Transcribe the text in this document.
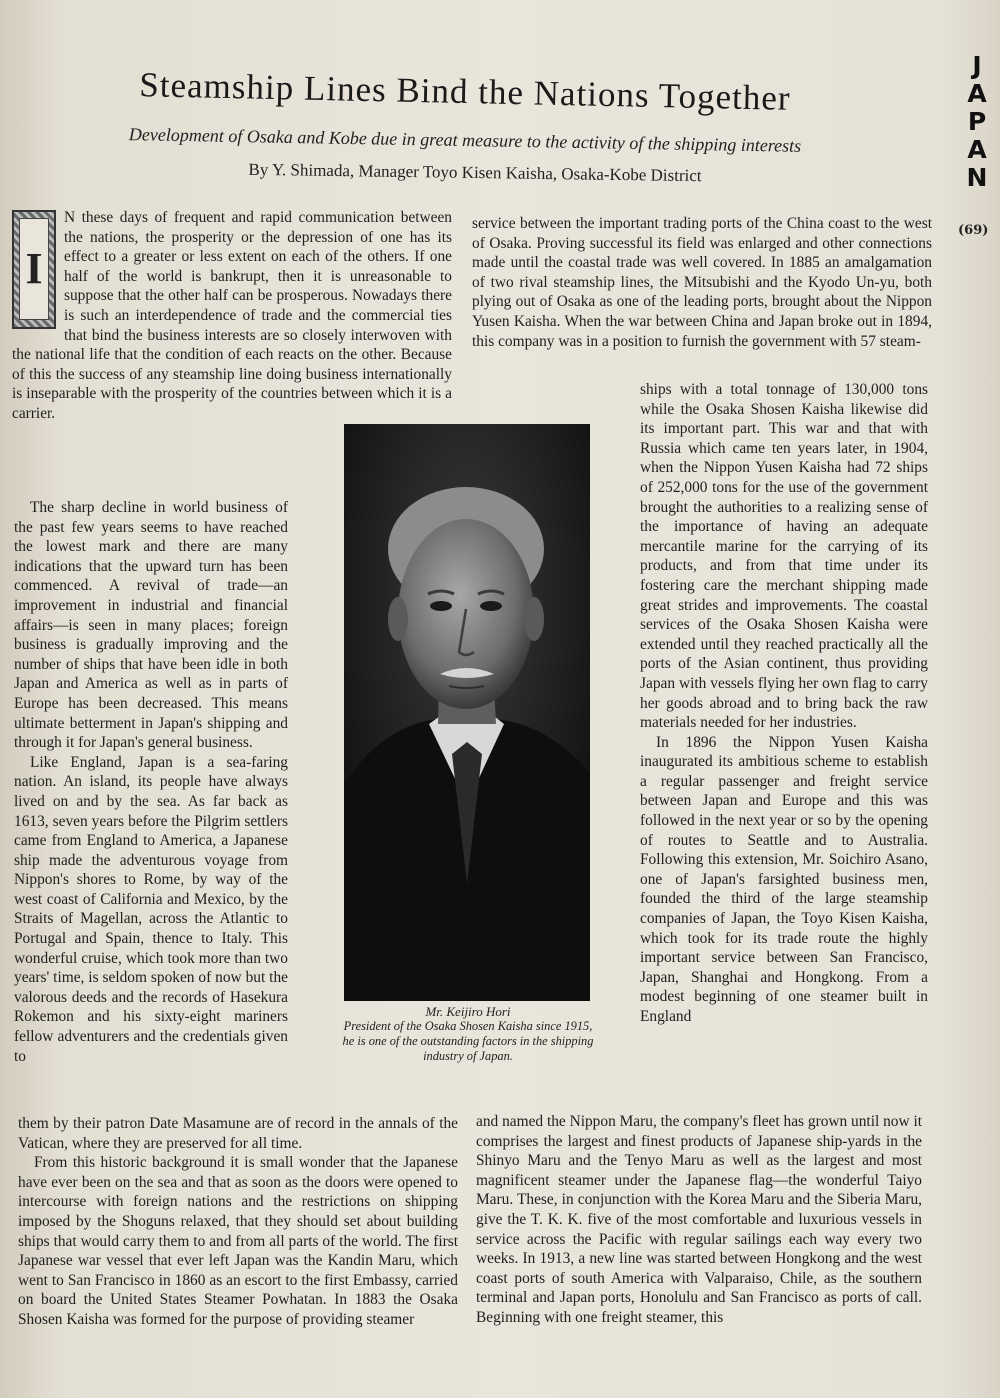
J
A
P
A
N
(69)
Steamship Lines Bind the Nations Together
Development of Osaka and Kobe due in great measure to the activity of the shipping interests
By Y. Shimada, Manager Toyo Kisen Kaisha, Osaka-Kobe District
I

N these days of frequent and rapid communication between the nations, the prosperity or the depression of one has its effect to a greater or less extent on each of the others. If one half of the world is bankrupt, then it is unreasonable to suppose that the other half can be prosperous. Nowadays there is such an interdependence of trade and the commercial ties that bind the business interests are so closely interwoven with the national life that the condition of each reacts on the other. Because of this the success of any steamship line doing business internationally is inseparable with the prosperity of the countries between which it is a carrier.

The sharp decline in world business of the past few years seems to have reached the lowest mark and there are many indications that the upward turn has been commenced. A revival of trade—an improvement in industrial and financial affairs—is seen in many places; foreign business is gradually improving and the number of ships that have been idle in both Japan and America as well as in parts of Europe has been decreased. This means ultimate betterment in Japan's shipping and through it for Japan's general business.

Like England, Japan is a sea-faring nation. An island, its people have always lived on and by the sea. As far back as 1613, seven years before the Pilgrim settlers came from England to America, a Japanese ship made the adventurous voyage from Nippon's shores to Rome, by way of the west coast of California and Mexico, by the Straits of Magellan, across the Atlantic to Portugal and Spain, thence to Italy. This wonderful cruise, which took more than two years' time, is seldom spoken of now but the valorous deeds and the records of Hasekura Rokemon and his sixty-eight mariners fellow adventurers and the credentials given to

them by their patron Date Masamune are of record in the annals of the Vatican, where they are preserved for all time.

From this historic background it is small wonder that the Japanese have ever been on the sea and that as soon as the doors were opened to intercourse with foreign nations and the restrictions on shipping imposed by the Shoguns relaxed, that they should set about building ships that would carry them to and from all parts of the world. The first Japanese war vessel that ever left Japan was the Kandin Maru, which went to San Francisco in 1860 as an escort to the first Embassy, carried on board the United States Steamer Powhatan. In 1883 the Osaka Shosen Kaisha was formed for the purpose of providing steamer

service between the important trading ports of the China coast to the west of Osaka. Proving successful its field was enlarged and other connections made until the coastal trade was well covered. In 1885 an amalgamation of two rival steamship lines, the Mitsubishi and the Kyodo Un-yu, both plying out of Osaka as one of the leading ports, brought about the Nippon Yusen Kaisha. When the war between China and Japan broke out in 1894, this company was in a position to furnish the government with 57 steam-

ships with a total tonnage of 130,000 tons while the Osaka Shosen Kaisha likewise did its important part. This war and that with Russia which came ten years later, in 1904, when the Nippon Yusen Kaisha had 72 ships of 252,000 tons for the use of the government brought the authorities to a realizing sense of the importance of having an adequate mercantile marine for the carrying of its products, and from that time under its fostering care the merchant shipping made great strides and improvements. The coastal services of the Osaka Shosen Kaisha were extended until they reached practically all the ports of the Asian continent, thus providing Japan with vessels flying her own flag to carry her goods abroad and to bring back the raw materials needed for her industries.

In 1896 the Nippon Yusen Kaisha inaugurated its ambitious scheme to establish a regular passenger and freight service between Japan and Europe and this was followed in the next year or so by the opening of routes to Seattle and to Australia. Following this extension, Mr. Soichiro Asano, one of Japan's farsighted business men, founded the third of the large steamship companies of Japan, the Toyo Kisen Kaisha, which took for its trade route the highly important service between San Francisco, Japan, Shanghai and Hongkong. From a modest beginning of one steamer built in England

and named the Nippon Maru, the company's fleet has grown until now it comprises the largest and finest products of Japanese ship-yards in the Shinyo Maru and the Tenyo Maru as well as the largest and most magnificent steamer under the Japanese flag—the wonderful Taiyo Maru. These, in conjunction with the Korea Maru and the Siberia Maru, give the T. K. K. five of the most comfortable and luxurious vessels in service across the Pacific with regular sailings each way every two weeks. In 1913, a new line was started between Hongkong and the west coast ports of south America with Valparaiso, Chile, as the southern terminal and Japan ports, Honolulu and San Francisco as ports of call. Beginning with one freight steamer, this

Mr. Keijiro Hori
President of the Osaka Shosen Kaisha since 1915, he is one of the outstanding factors in the shipping industry of Japan.
